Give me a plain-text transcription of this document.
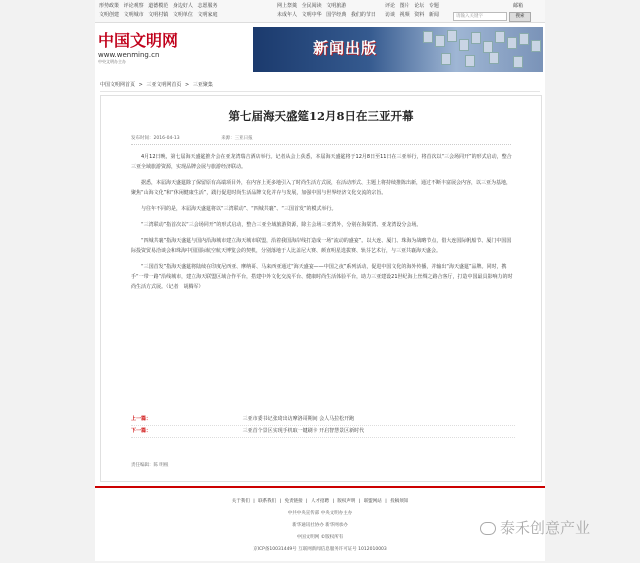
形势政策 评论观察 道德模范 身边好人 志愿服务
文明创建 文明城市 文明村镇 文明单位 文明家庭
网上祭奠 全民阅读 文明旅游
未成年人 文明中华 国学经典 我们的节日
评论 图片 论坛 专题
访谈 视频 资料 新闻
邮箱
请输入关键字	搜索
中国文明网
www.wenming.cn
中央文明办主办
新闻出版
中国文明网首页 > 三亚文明网首页 > 三亚聚集
第七届海天盛筵12月8日在三亚开幕
发布时间：2016-04-13	来源：三亚日报

4月12日晚，第七届海天盛筵推介会在亚龙湾瑞吉酒店举行。记者从会上获悉，本届海天盛筵将于12月8日至11日在三亚举行，将首次以“三会场同开”的形式启动，整合三亚全域旅游资源，实现品牌会展与旅游经济联动。

据悉，本届海天盛筵除了保留原有高端项目外，在内容上更多地引入了时尚生活方式展，在活动形式、主题上将持续推陈出新，通过不断丰富展会内容，以三亚为基地，聚焦“山海文化”和“休闲健康生活”，践行促进时尚生活品牌文化并存与发展，加强中国与世界经济文化交流的宗旨。

与往年不同的是，本届海天盛筵将以“三湾联动”、“四城共襄”、“三国首发”的模式举行。

“三湾联动”指首次以“三会场同开”的形式启动，整合三亚全域旅游资源，除主会场三亚湾外，分别在海棠湾、亚龙湾设分会场。

“四城共襄”指海天盛筵与国内沿海城市建立海天城市联盟，沿着我国海岸线打造成一场“流动的盛宴”。以大连、厦门、珠海为战略节点，借大连国际帆船节、厦门中国国际投资贸易洽谈会和珠海中国国际航空航天博览会的契机，分别落地于人比盖尼大赛、颜直明星选拔赛、轨芬艺术行，与三亚共襄海天盛会。

“三国首发”指海天盛筵将陆续在印度尼西亚、摩纳哥、马来西亚通过“海天盛宴——中国之夜”系列活动，促进中国文化的海外传播，并输出“海天盛筵”品牌。同时，携手“一带一路”沿线城市，建立海天联盟区域合作平台，搭建中外文化交流平台、健康时尚生活体验平台，助力三亚建设21世纪海上丝绸之路合客厅，打造中国最具影响力的时尚生活方式展。（记者　胡腾军）

上一篇：	三亚市委书记张琦出访摩洛哥期间 会人马拉松开跑
下一篇：	三亚首个景区实现手机取一键刷卡 开启智慧景区新时代
责任编辑：陈 明根
关于我们 | 联系我们 | 免责链接 | 人才招聘 | 版权声明 | 联盟网站 | 投稿须知
中共中央宣传部 中央文明办主办
新华通讯社协办 新华网承办
中国文明网 ©版权所有
京ICP备10031449号 互联网新闻信息服务许可证号 1012010003
泰禾创意产业
